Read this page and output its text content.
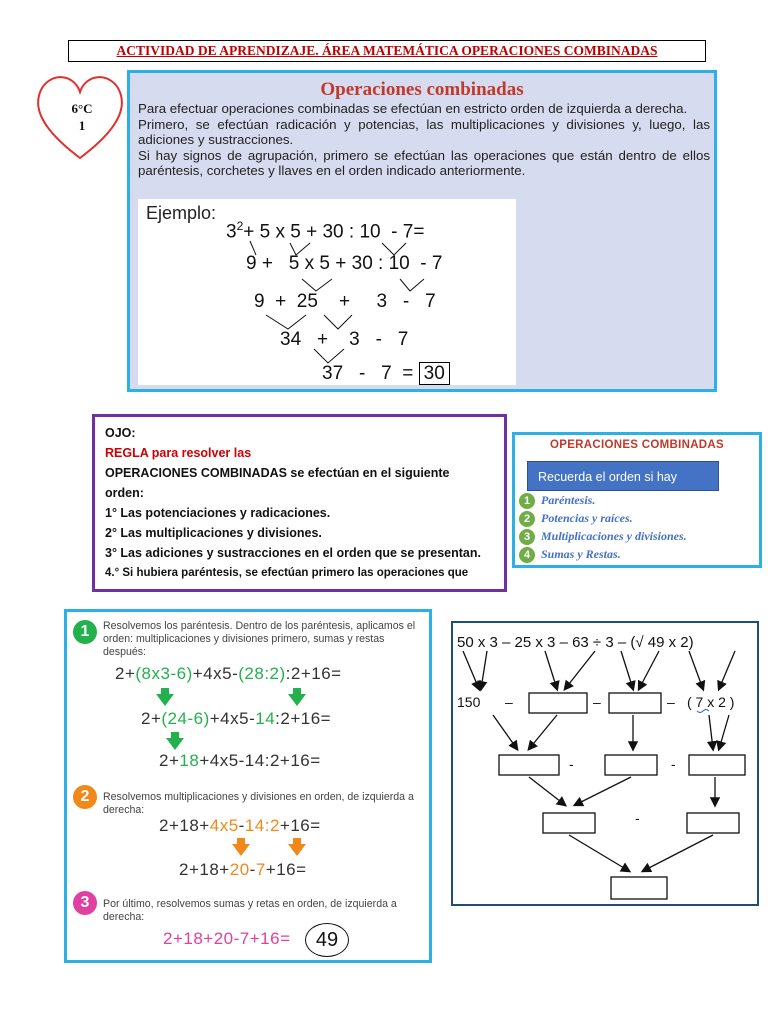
ACTIVIDAD DE APRENDIZAJE. ÁREA MATEMÁTICA OPERACIONES COMBINADAS
6°C
1
Operaciones combinadas

Para efectuar operaciones combinadas se efectúan en estricto orden de izquierda a derecha.

Primero, se efectúan radicación y potencias, las multiplicaciones y divisiones y, luego, las adiciones y sustracciones.

Si hay signos de agrupación, primero se efectúan las operaciones que están dentro de ellos paréntesis, corchetes y llaves en el orden indicado anteriormente.

Ejemplo:
$3^2+ 5$ x 5 + 30 : 10  - 7=
9 +   5 x 5 + 30 : 10  - 7
9  +  25    +     3   -   7
34   +    3   -   7
37   -   7  = 30
OJO:
REGLA para resolver las
OPERACIONES COMBINADAS se efectúan en el siguiente
orden:
1° Las potenciaciones y radicaciones.
2° Las multiplicaciones y divisiones.
3° Las adiciones y sustracciones en el orden que se presentan.
4.° Si hubiera paréntesis, se efectúan primero las operaciones que
OPERACIONES COMBINADAS
Recuerda el orden si hay
1 Paréntesis.
2 Potencias y raíces.
3 Multiplicaciones y divisiones.
4 Sumas y Restas.
1	Resolvemos los paréntesis. Dentro de los paréntesis, aplicamos el orden: multiplicaciones y divisiones primero, sumas y restas después:
2+(8x3-6)+4x5-(28:2):2+16=
2+(24-6)+4x5-14:2+16=
2+18+4x5-14:2+16=
2	Resolvemos multiplicaciones y divisiones en orden, de izquierda a derecha:
2+18+4x5-14:2+16=
2+18+20-7+16=
3	Por último, resolvemos sumas y retas en orden, de izquierda a derecha:
2+18+20-7+16=	49
50 x 3 – 25 x 3 – 63 ÷ 3 – (√ 49 x 2)
150 –	–	– ( 7 x 2 )
-	-
-
